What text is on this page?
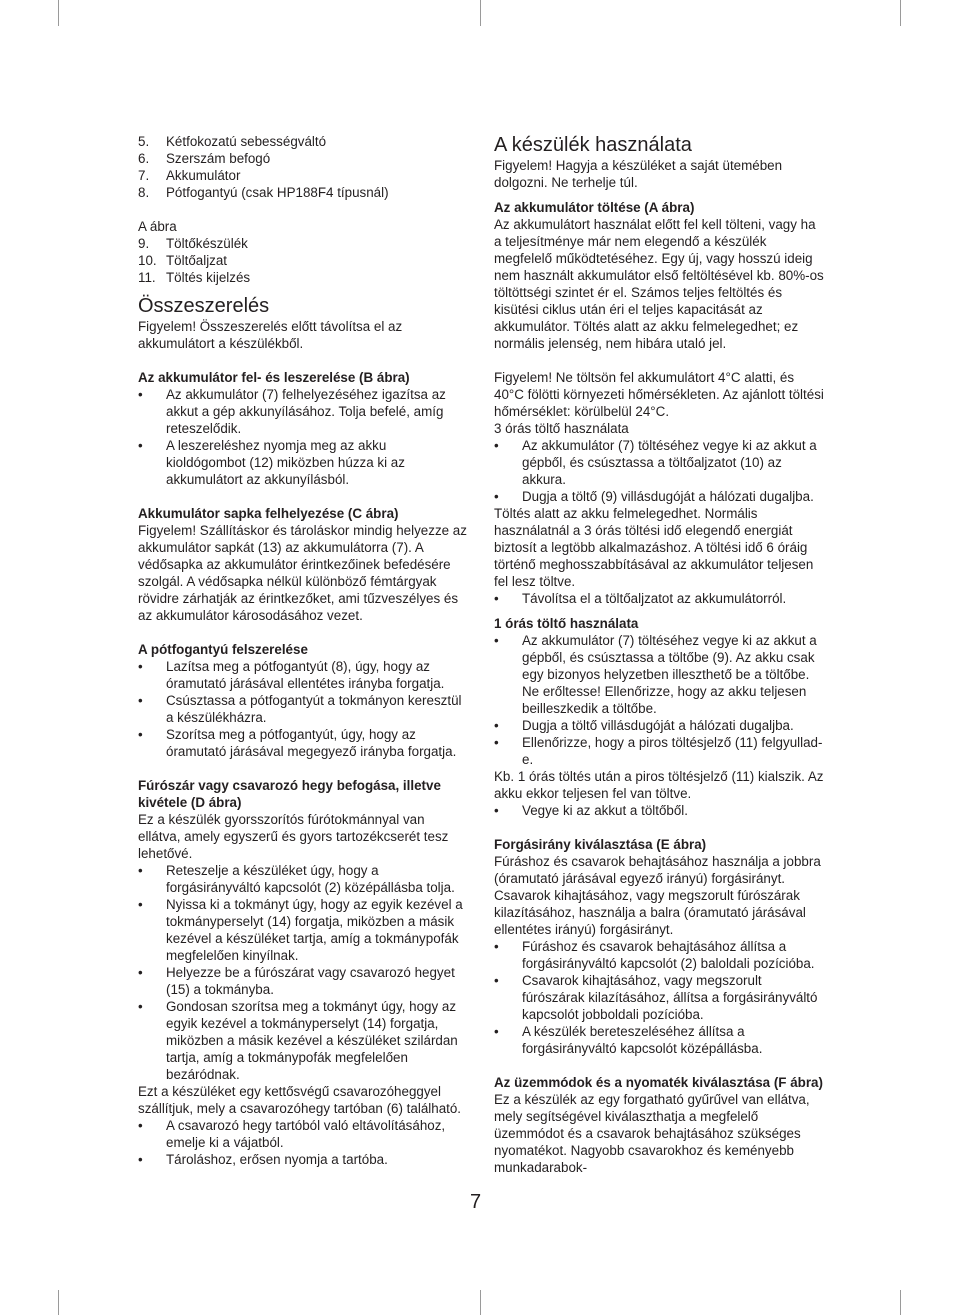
5.	Kétfokozatú sebességváltó
6.	Szerszám befogó
7.	Akkumulátor
8.	Pótfogantyú (csak HP188F4 típusnál)

A ábra

9.	Töltőkészülék
10. Töltőaljzat
11. Töltés kijelzés
Összeszerelés

Figyelem! Összeszerelés előtt távolítsa el az akkumulátort a készülékből.

Az akkumulátor fel- és leszerelése (B ábra)

•	Az akkumulátor (7) felhelyezéséhez igazítsa az akkut a gép akkunyílásához. Tolja befelé, amíg reteszelődik.
•	A leszereléshez nyomja meg az akku kioldógombot (12) miközben húzza ki az akkumulátort az akkunyílásból.

Akkumulátor sapka felhelyezése (C ábra)

Figyelem! Szállításkor és tároláskor mindig helyezze az akkumulátor sapkát (13) az akkumulátorra (7). A védősapka az akkumulátor érintkezőinek befedésére szolgál. A védősapka nélkül különböző fémtárgyak rövidre zárhatják az érintkezőket, ami tűzveszélyes és az akkumulátor károsodásához vezet.

A pótfogantyú felszerelése

•	Lazítsa meg a pótfogantyút (8), úgy, hogy az óramutató járásával ellentétes irányba forgatja.
•	Csúsztassa a pótfogantyút a tokmányon keresztül a készülékházra.
•	Szorítsa meg a pótfogantyút, úgy, hogy az óramutató járásával megegyező irányba forgatja.

Fúrószár vagy csavarozó hegy befogása, illetve kivétele (D ábra)

Ez a készülék gyorsszorítós fúrótokmánnyal van ellátva, amely egyszerű és gyors tartozékcserét tesz lehetővé.

•	Reteszelje a készüléket úgy, hogy a forgásirányváltó kapcsolót (2) középállásba tolja.
•	Nyissa ki a tokmányt úgy, hogy az egyik kezével a tokmányperselyt (14) forgatja, miközben a másik kezével a készüléket tartja, amíg a tokmánypofák megfelelően kinyílnak.
•	Helyezze be a fúrószárat vagy csavarozó hegyet (15) a tokmányba.
•	Gondosan szorítsa meg a tokmányt úgy, hogy az egyik kezével a tokmányperselyt (14) forgatja, miközben a másik kezével a készüléket szilárdan tartja, amíg a tokmánypofák megfelelően bezáródnak.

Ezt a készüléket egy kettősvégű csavarozóheggyel szállítjuk, mely a csavarozóhegy tartóban (6) található.

•	A csavarozó hegy tartóból való eltávolításához, emelje ki a vájatból.
•	Tároláshoz, erősen nyomja a tartóba.
A készülék használata

Figyelem! Hagyja a készüléket a saját ütemében dolgozni. Ne terhelje túl.

Az akkumulátor töltése (A ábra)

Az akkumulátort használat előtt fel kell tölteni, vagy ha a teljesítménye már nem elegendő a készülék megfelelő működtetéséhez. Egy új, vagy hosszú ideig nem használt akkumulátor első feltöltésével kb. 80%-os töltöttségi szintet ér el. Számos teljes feltöltés és kisütési ciklus után éri el teljes kapacitását az akkumulátor. Töltés alatt az akku felmelegedhet; ez normális jelenség, nem hibára utaló jel.

Figyelem! Ne töltsön fel akkumulátort 4°C alatti, és 40°C fölötti környezeti hőmérsékleten. Az ajánlott töltési hőmérséklet: körülbelül 24°C.

3 órás töltő használata

•	Az akkumulátor (7) töltéséhez vegye ki az akkut a gépből, és csúsztassa a töltőaljzatot (10) az akkura.
•	Dugja a töltő (9) villásdugóját a hálózati dugaljba.

Töltés alatt az akku felmelegedhet. Normális használatnál a 3 órás töltési idő elegendő energiát biztosít a legtöbb alkalmazáshoz. A töltési idő 6 óráig történő meghosszabbításával az akkumulátor teljesen fel lesz töltve.

•	Távolítsa el a töltőaljzatot az akkumulátorról.

1 órás töltő használata

•	Az akkumulátor (7) töltéséhez vegye ki az akkut a gépből, és csúsztassa a töltőbe (9). Az akku csak egy bizonyos helyzetben illeszthető be a töltőbe. Ne erőltesse! Ellenőrizze, hogy az akku teljesen beilleszkedik a töltőbe.
•	Dugja a töltő villásdugóját a hálózati dugaljba.
•	Ellenőrizze, hogy a piros töltésjelző (11) felgyullad-e.

Kb. 1 órás töltés után a piros töltésjelző (11) kialszik. Az akku ekkor teljesen fel van töltve.

•	Vegye ki az akkut a töltőből.

Forgásirány kiválasztása (E ábra)

Fúráshoz és csavarok behajtásához használja a jobbra (óramutató járásával egyező irányú) forgásirányt. Csavarok kihajtásához, vagy megszorult fúrószárak kilazításához, használja a balra (óramutató járásával ellentétes irányú) forgásirányt.

•	Fúráshoz és csavarok behajtásához állítsa a forgásirányváltó kapcsolót (2) baloldali pozícióba.
•	Csavarok kihajtásához, vagy megszorult fúrószárak kilazításához, állítsa a forgásirányváltó kapcsolót jobboldali pozícióba.
•	A készülék bereteszeléséhez állítsa a forgásirányváltó kapcsolót középállásba.

Az üzemmódok és a nyomaték kiválasztása (F ábra)

Ez a készülék az egy forgatható gyűrűvel van ellátva, mely segítségével kiválaszthatja a megfelelő üzemmódot és a csavarok behajtásához szükséges nyomatékot. Nagyobb csavarokhoz és keményebb munkadarabok-

7
